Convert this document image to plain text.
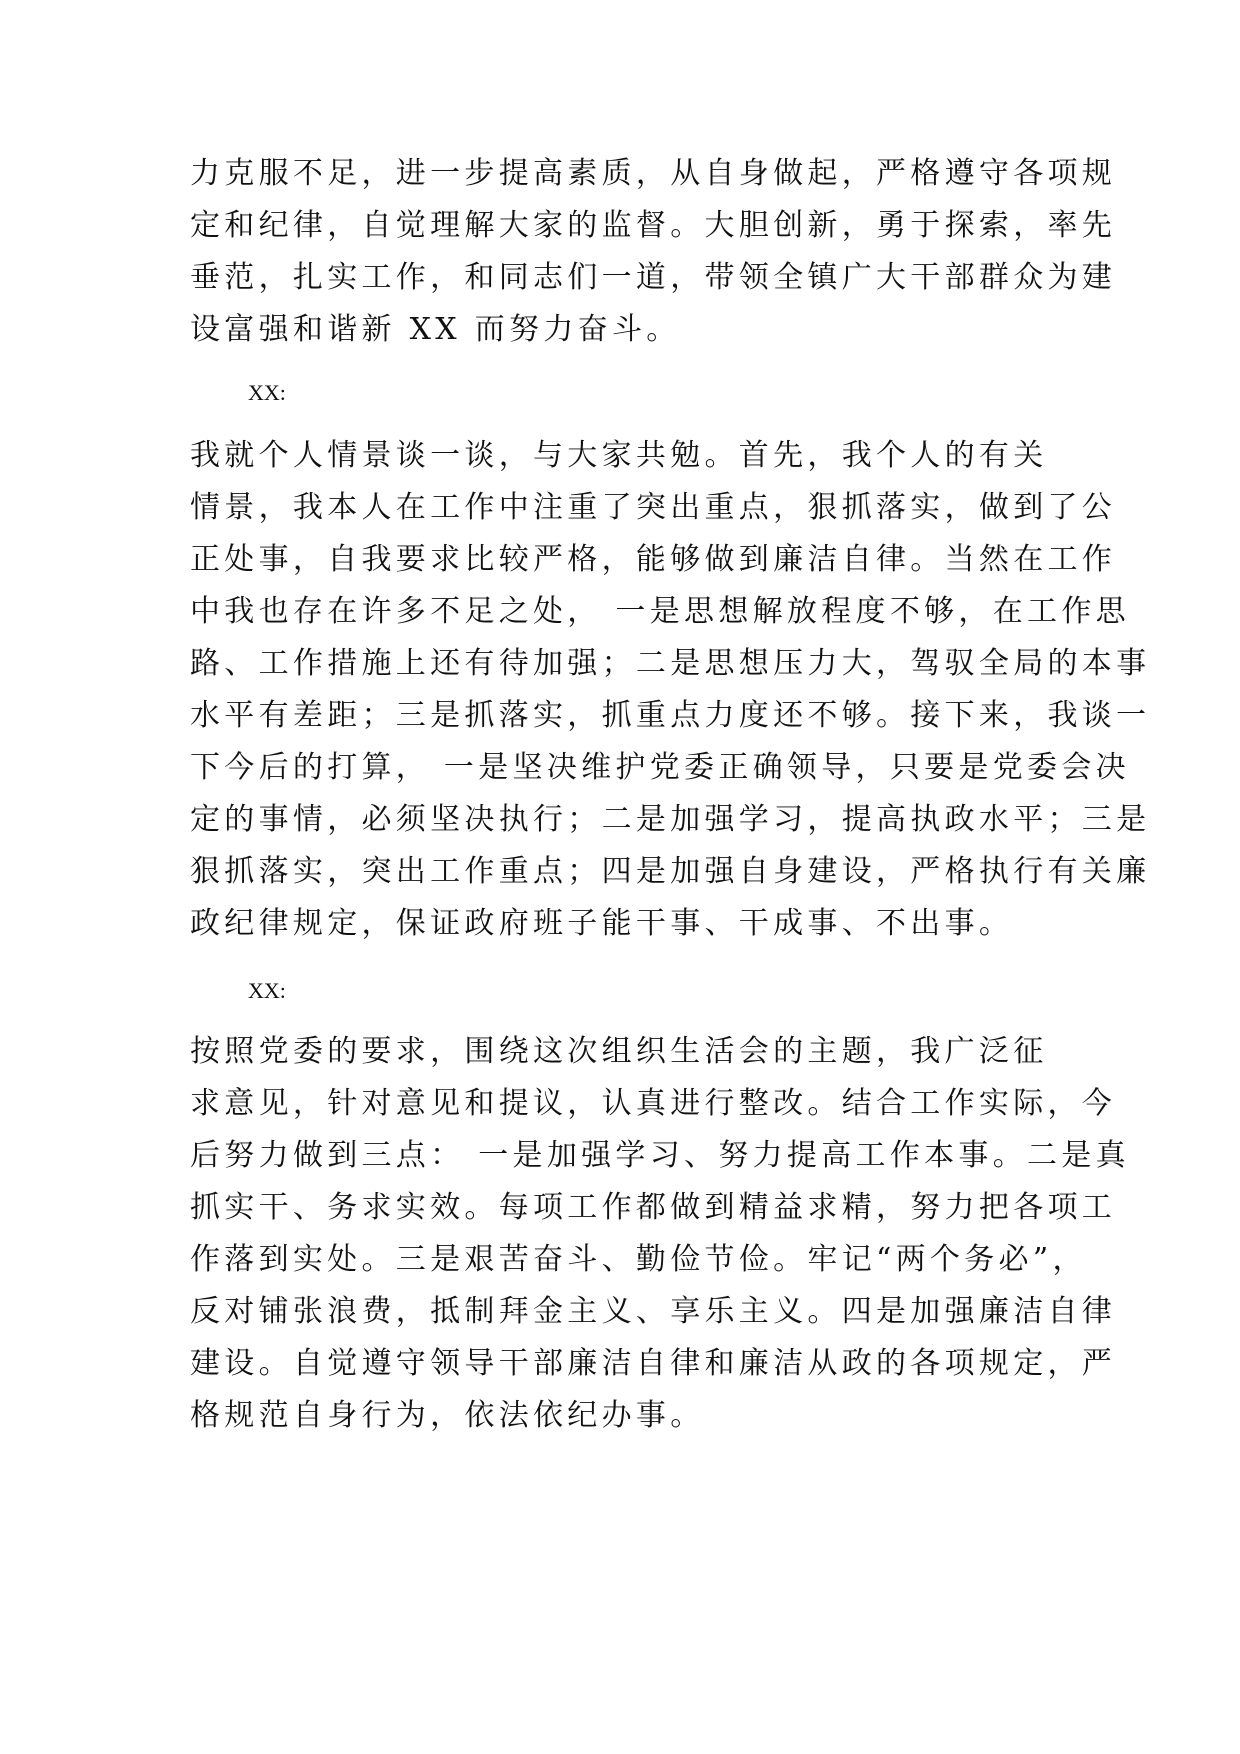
力克服不足，进一步提高素质，从自身做起，严格遵守各项规
定和纪律，自觉理解大家的监督。大胆创新，勇于探索，率先
垂范，扎实工作，和同志们一道，带领全镇广大干部群众为建
设富强和谐新 XX 而努力奋斗。
XX:
我就个人情景谈一谈，与大家共勉。首先，我个人的有关
情景，我本人在工作中注重了突出重点，狠抓落实，做到了公
正处事，自我要求比较严格，能够做到廉洁自律。当然在工作
中我也存在许多不足之处， 一是思想解放程度不够，在工作思
路、工作措施上还有待加强；二是思想压力大，驾驭全局的本事
水平有差距；三是抓落实，抓重点力度还不够。接下来，我谈一
下今后的打算， 一是坚决维护党委正确领导，只要是党委会决
定的事情，必须坚决执行；二是加强学习，提高执政水平；三是
狠抓落实，突出工作重点；四是加强自身建设，严格执行有关廉
政纪律规定，保证政府班子能干事、干成事、不出事。
XX:
按照党委的要求，围绕这次组织生活会的主题，我广泛征
求意见，针对意见和提议，认真进行整改。结合工作实际，今
后努力做到三点： 一是加强学习、努力提高工作本事。二是真
抓实干、务求实效。每项工作都做到精益求精，努力把各项工
作落到实处。三是艰苦奋斗、勤俭节俭。牢记“两个务必”，
反对铺张浪费，抵制拜金主义、享乐主义。四是加强廉洁自律
建设。自觉遵守领导干部廉洁自律和廉洁从政的各项规定，严
格规范自身行为，依法依纪办事。
